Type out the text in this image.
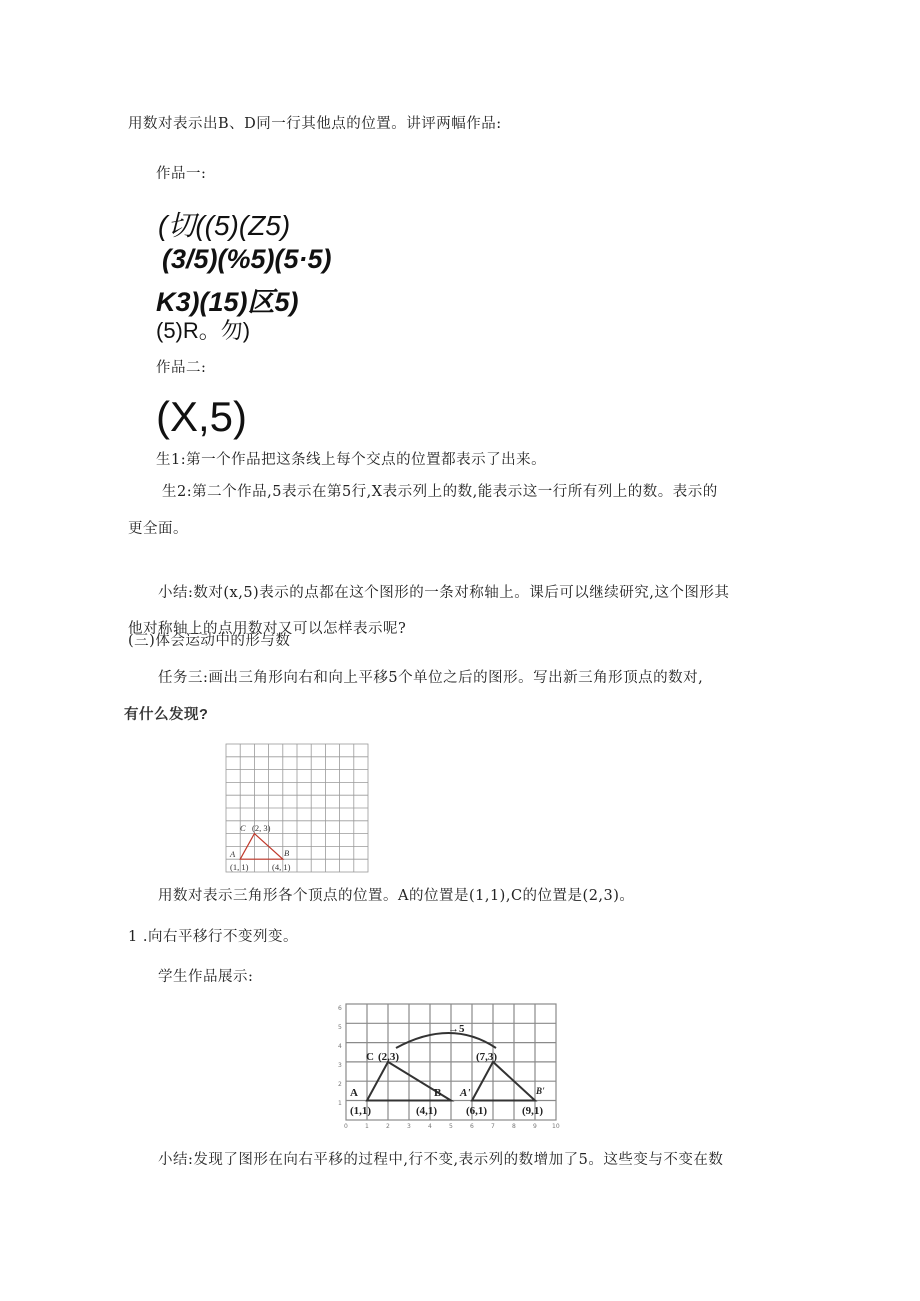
用数对表示出B、D同一行其他点的位置。讲评两幅作品:
作品一:
(切((5)(Z5)
(3/5)(%5)(5·5)
K3)(15)区5)
(5)R。勿)
作品二:
(X,5)
生1:第一个作品把这条线上每个交点的位置都表示了出来。
生2:第二个作品,5表示在第5行,X表示列上的数,能表示这一行所有列上的数。表示的
更全面。
小结:数对(x,5)表示的点都在这个图形的一条对称轴上。课后可以继续研究,这个图形其
他对称轴上的点用数对又可以怎样表示呢?
(三)体会运动中的形与数
任务三:画出三角形向右和向上平移5个单位之后的图形。写出新三角形顶点的数对,
有什么发现?
C (2, 3)
A	B
(1, 1)	(4, 1)
用数对表示三角形各个顶点的位置。A的位置是(1,1),C的位置是(2,3)。
1 .向右平移行不变列变。
学生作品展示:
→5
C (2,3)	(7,3)
A	B A'	B'
(1,1)	(4,1)	(6,1)	(9,1)
6
5
4
3
2
1
0	1	2	3	4	5	6	7	8	9	10
小结:发现了图形在向右平移的过程中,行不变,表示列的数增加了5。这些变与不变在数
